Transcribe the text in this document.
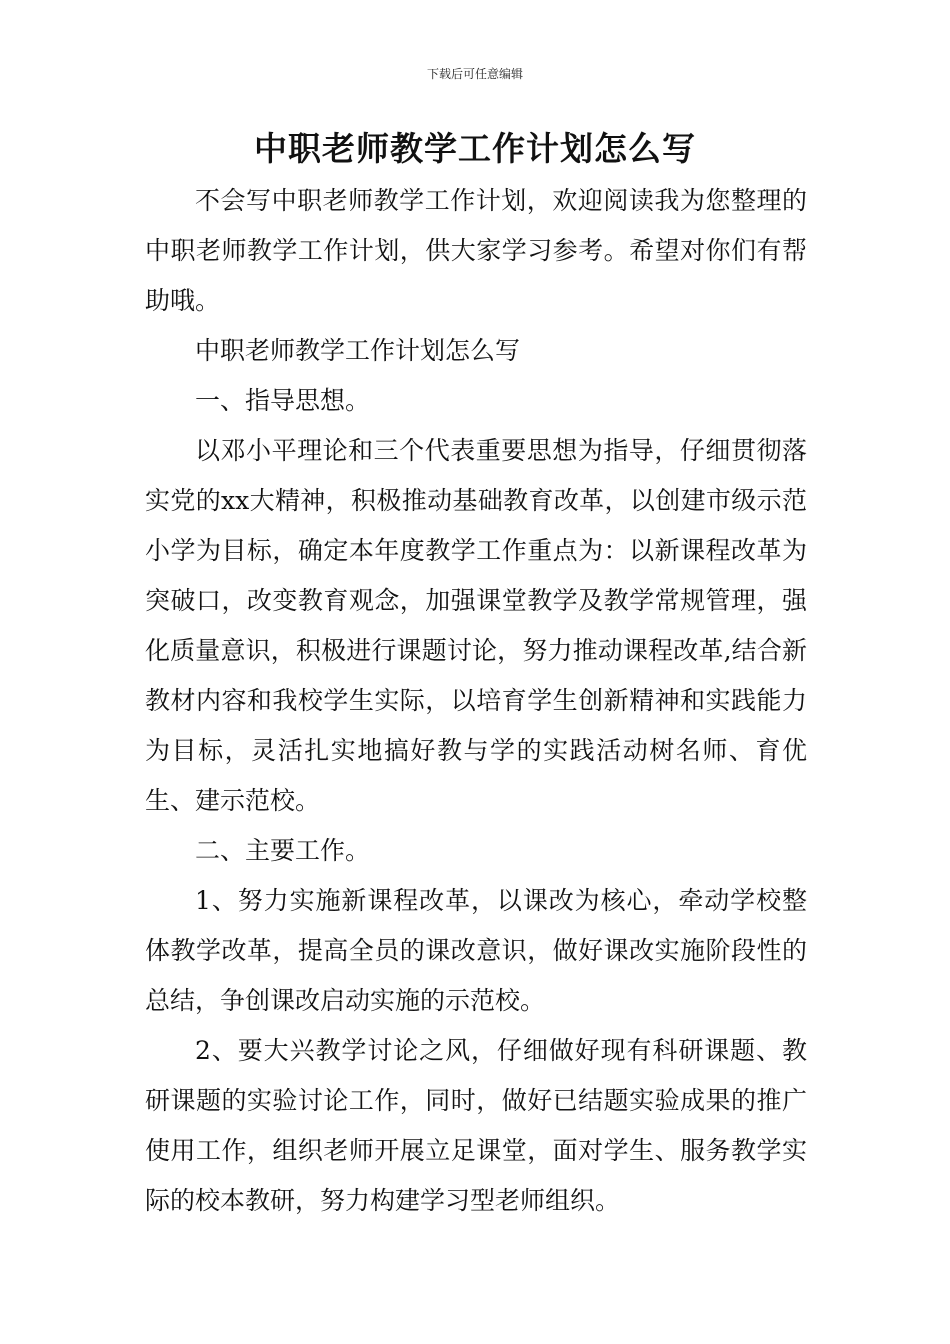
下载后可任意编辑
中职老师教学工作计划怎么写

不会写中职老师教学工作计划，欢迎阅读我为您整理的中职老师教学工作计划，供大家学习参考。希望对你们有帮助哦。

中职老师教学工作计划怎么写

一、指导思想。

以邓小平理论和三个代表重要思想为指导，仔细贯彻落实党的xx大精神，积极推动基础教育改革，以创建市级示范小学为目标，确定本年度教学工作重点为：以新课程改革为突破口，改变教育观念，加强课堂教学及教学常规管理，强化质量意识，积极进行课题讨论，努力推动课程改革,结合新教材内容和我校学生实际，以培育学生创新精神和实践能力为目标，灵活扎实地搞好教与学的实践活动树名师、育优生、建示范校。

二、主要工作。

1、努力实施新课程改革，以课改为核心，牵动学校整体教学改革，提高全员的课改意识，做好课改实施阶段性的总结，争创课改启动实施的示范校。

2、要大兴教学讨论之风，仔细做好现有科研课题、教研课题的实验讨论工作，同时，做好已结题实验成果的推广使用工作，组织老师开展立足课堂，面对学生、服务教学实际的校本教研，努力构建学习型老师组织。
